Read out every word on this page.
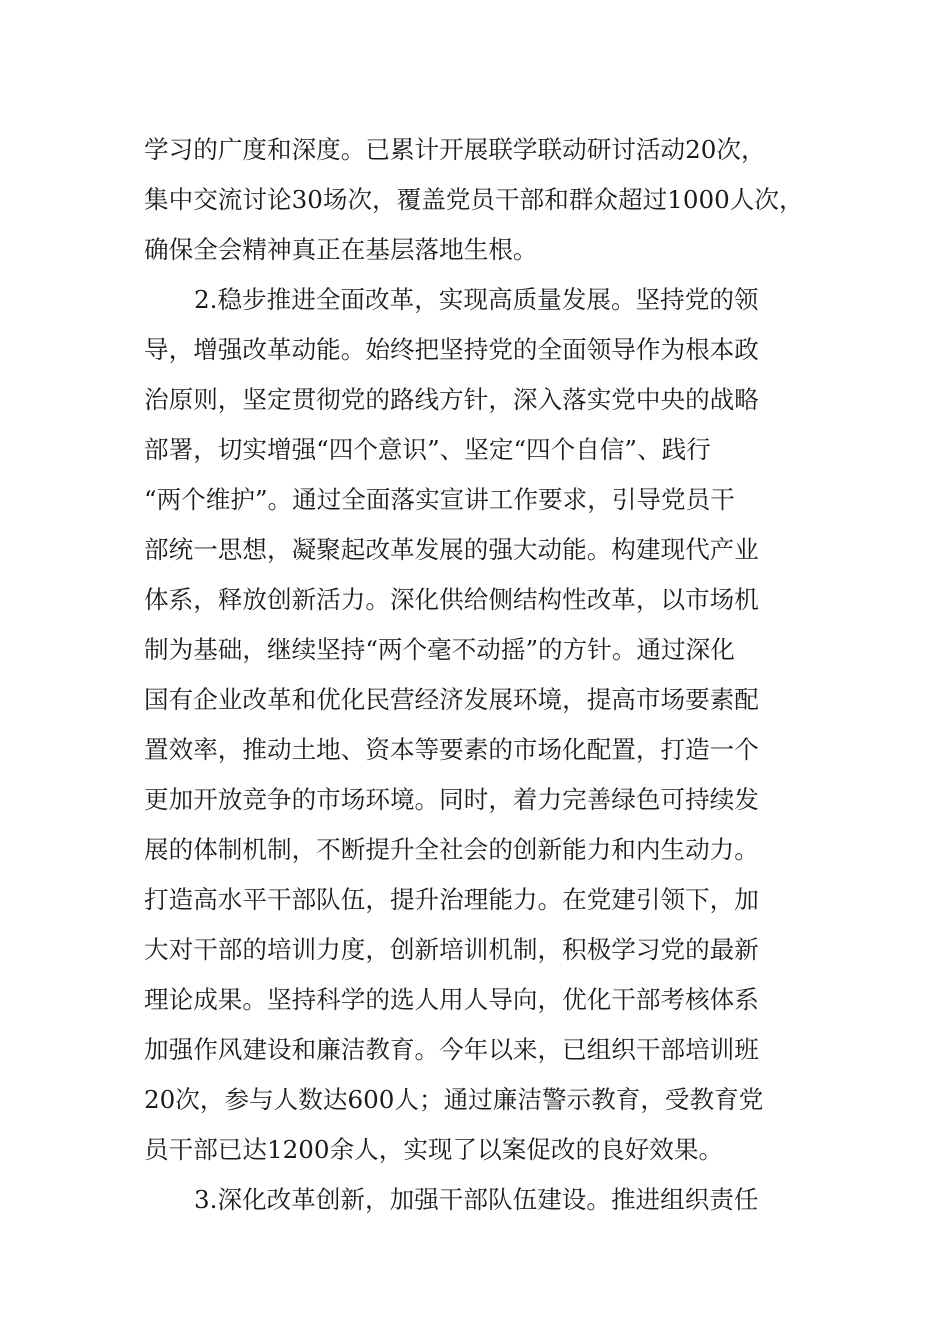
学习的广度和深度。已累计开展联学联动研讨活动20次，
集中交流讨论30场次，覆盖党员干部和群众超过1000人次，
确保全会精神真正在基层落地生根。
2.稳步推进全面改革，实现高质量发展。坚持党的领
导，增强改革动能。始终把坚持党的全面领导作为根本政
治原则，坚定贯彻党的路线方针，深入落实党中央的战略
部署，切实增强“四个意识”、坚定“四个自信”、践行
“两个维护”。通过全面落实宣讲工作要求，引导党员干
部统一思想，凝聚起改革发展的强大动能。构建现代产业
体系，释放创新活力。深化供给侧结构性改革，以市场机
制为基础，继续坚持“两个毫不动摇”的方针。通过深化
国有企业改革和优化民营经济发展环境，提高市场要素配
置效率，推动土地、资本等要素的市场化配置，打造一个
更加开放竞争的市场环境。同时，着力完善绿色可持续发
展的体制机制，不断提升全社会的创新能力和内生动力。
打造高水平干部队伍，提升治理能力。在党建引领下，加
大对干部的培训力度，创新培训机制，积极学习党的最新
理论成果。坚持科学的选人用人导向，优化干部考核体系
加强作风建设和廉洁教育。今年以来，已组织干部培训班
20次，参与人数达600人；通过廉洁警示教育，受教育党
员干部已达1200余人，实现了以案促改的良好效果。
3.深化改革创新，加强干部队伍建设。推进组织责任
